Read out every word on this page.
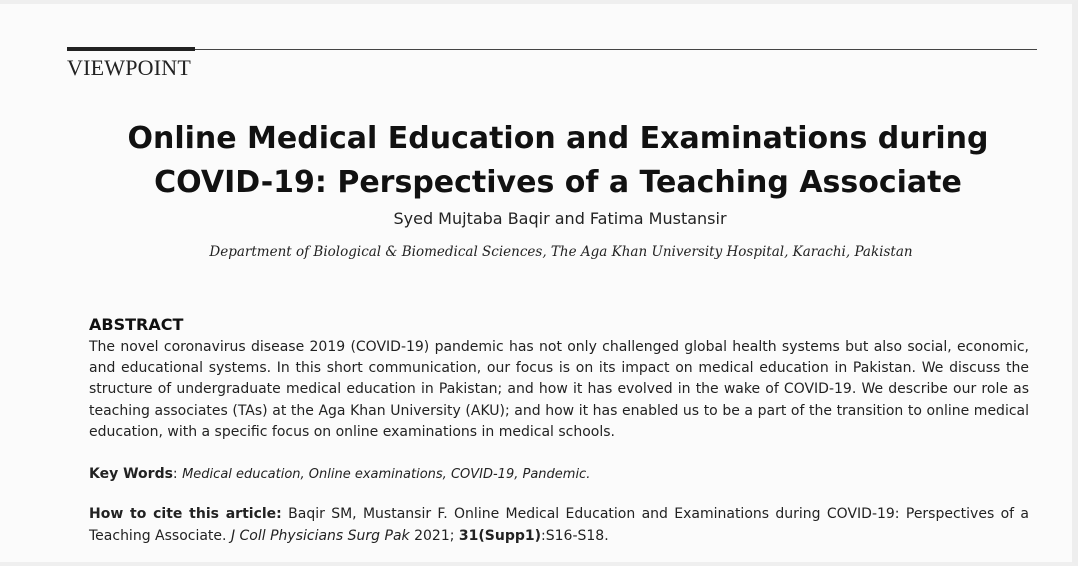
VIEWPOINT
Online Medical Education and Examinations during
COVID-19: Perspectives of a Teaching Associate
Syed Mujtaba Baqir and Fatima Mustansir
Department of Biological & Biomedical Sciences, The Aga Khan University Hospital, Karachi, Pakistan
ABSTRACT
The novel coronavirus disease 2019 (COVID-19) pandemic has not only challenged global health systems but also social, economic, and educational systems. In this short communication, our focus is on its impact on medical education in Pakistan. We discuss the structure of undergraduate medical education in Pakistan; and how it has evolved in the wake of COVID-19. We describe our role as teaching associates (TAs) at the Aga Khan University (AKU); and how it has enabled us to be a part of the transition to online medical education, with a specific focus on online examinations in medical schools.
Key Words: Medical education, Online examinations, COVID-19, Pandemic.
How to cite this article: Baqir SM, Mustansir F. Online Medical Education and Examinations during COVID-19: Perspectives of a Teaching Associate. J Coll Physicians Surg Pak 2021; 31(Supp1):S16-S18.
